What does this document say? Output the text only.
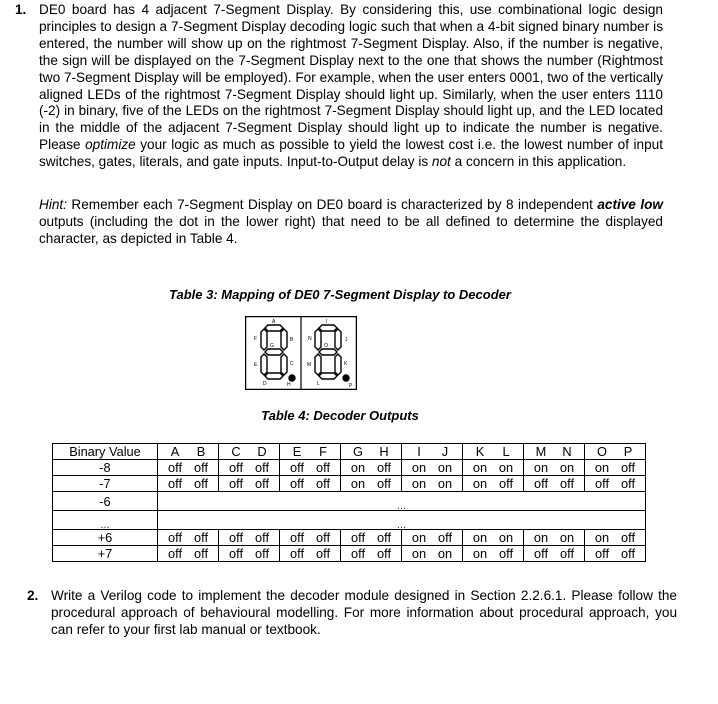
1. DE0 board has 4 adjacent 7-Segment Display. By considering this, use combinational logic design principles to design a 7-Segment Display decoding logic such that when a 4-bit signed binary number is entered, the number will show up on the rightmost 7-Segment Display. Also, if the number is negative, the sign will be displayed on the 7-Segment Display next to the one that shows the number (Rightmost two 7-Segment Display will be employed). For example, when the user enters 0001, two of the vertically aligned LEDs of the rightmost 7-Segment Display should light up. Similarly, when the user enters 1110 (-2) in binary, five of the LEDs on the rightmost 7-Segment Display should light up, and the LED located in the middle of the adjacent 7-Segment Display should light up to indicate the number is negative. Please optimize your logic as much as possible to yield the lowest cost i.e. the lowest number of input switches, gates, literals, and gate inputs. Input-to-Output delay is not a concern in this application.
Hint: Remember each 7-Segment Display on DE0 board is characterized by 8 independent active low outputs (including the dot in the lower right) that need to be all defined to determine the displayed character, as depicted in Table 4.
Table 3: Mapping of DE0 7-Segment Display to Decoder
A
B
C
D
E
F
G
H
I
J
K
L
M
N
O
P
Table 4: Decoder Outputs
Binary Value	A B	C D	E F	G H	I J	K L	M N	O P
-8	off off	off off	off off	on off	on on	on on	on on	on off
-7	off off	off off	off off	on off	on on	on off	off off	off off
-6	...							
...	...							
+6	off off	off off	off off	off off	on off	on on	on on	on off
+7	off off	off off	off off	off off	on on	on off	off off	off off
2. Write a Verilog code to implement the decoder module designed in Section 2.2.6.1. Please follow the procedural approach of behavioural modelling. For more information about procedural approach, you can refer to your first lab manual or textbook.
